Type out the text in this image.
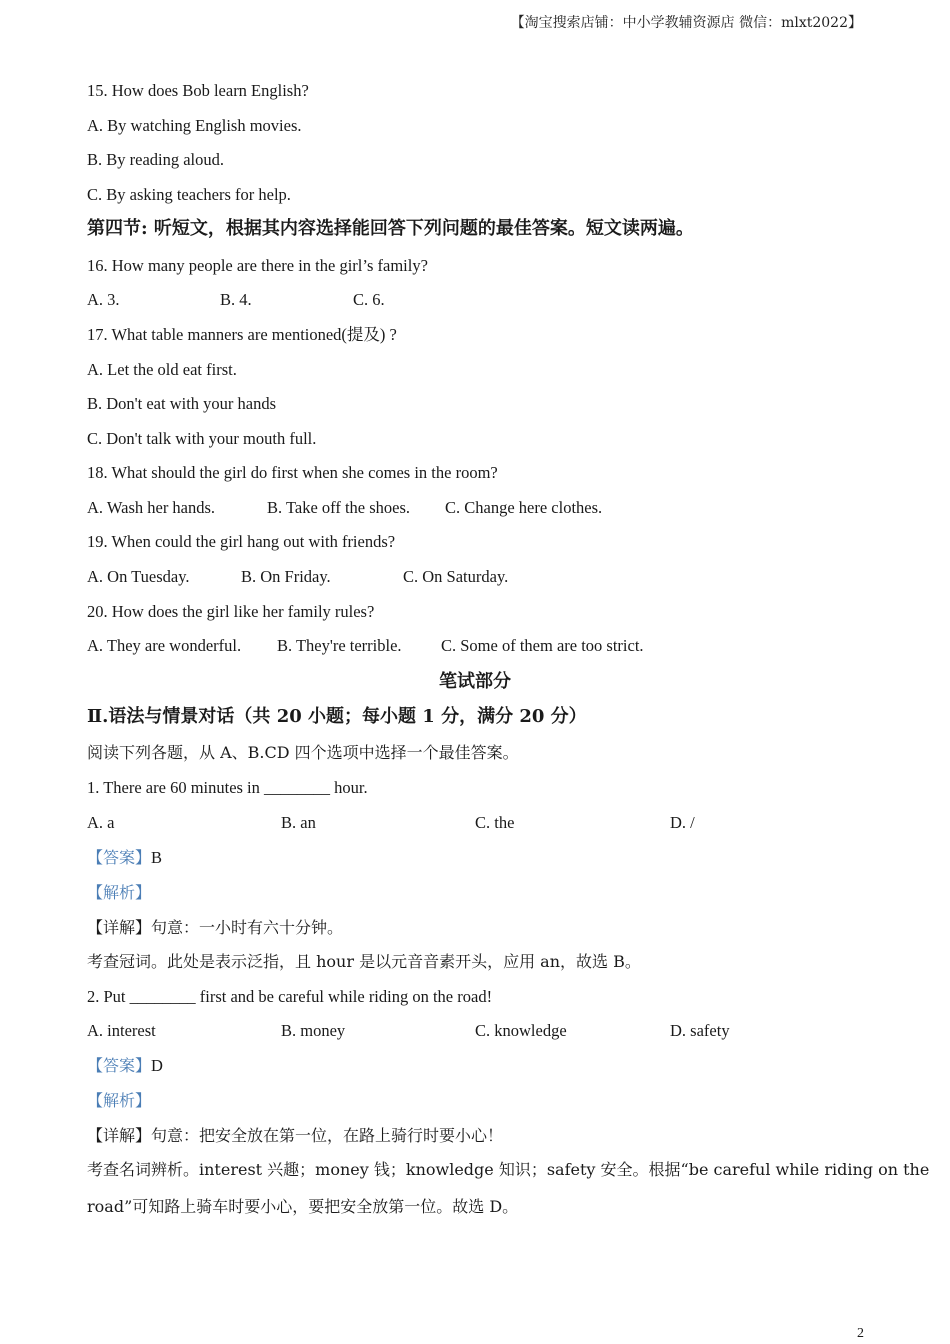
【淘宝搜索店铺：中小学教辅资源店 微信：mlxt2022】
15. How does Bob learn English?
A. By watching English movies.
B. By reading aloud.
C. By asking teachers for help.
第四节: 听短文，根据其内容选择能回答下列问题的最佳答案。短文读两遍。
16. How many people are there in the girl’s family?
A. 3.	B. 4.	C. 6.
17. What table manners are mentioned(提及) ?
A. Let the old eat first.
B. Don't eat with your hands
C. Don't talk with your mouth full.
18. What should the girl do first when she comes in the room?
A. Wash her hands.	B. Take off the shoes. C. Change here clothes.
19. When could the girl hang out with friends?
A. On Tuesday.	B. On Friday.	C. On Saturday.
20. How does the girl like her family rules?
A. They are wonderful. B. They're terrible. C. Some of them are too strict.
笔试部分
Ⅱ.语法与情景对话（共 20 小题；每小题 1 分，满分 20 分）
阅读下列各题，从 A、B.CD 四个选项中选择一个最佳答案。
1. There are 60 minutes in ________ hour.
A. a	B. an	C. the	D. /
【答案】B
【解析】
【详解】句意：一小时有六十分钟。
考查冠词。此处是表示泛指，且 hour 是以元音音素开头，应用 an，故选 B。
2. Put ________ first and be careful while riding on the road!
A. interest	B. money	C. knowledge	D. safety
【答案】D
【解析】
【详解】句意：把安全放在第一位，在路上骑行时要小心！
考查名词辨析。interest 兴趣；money 钱；knowledge 知识；safety 安全。根据“be careful while riding on the
road”可知路上骑车时要小心，要把安全放第一位。故选 D。
2
